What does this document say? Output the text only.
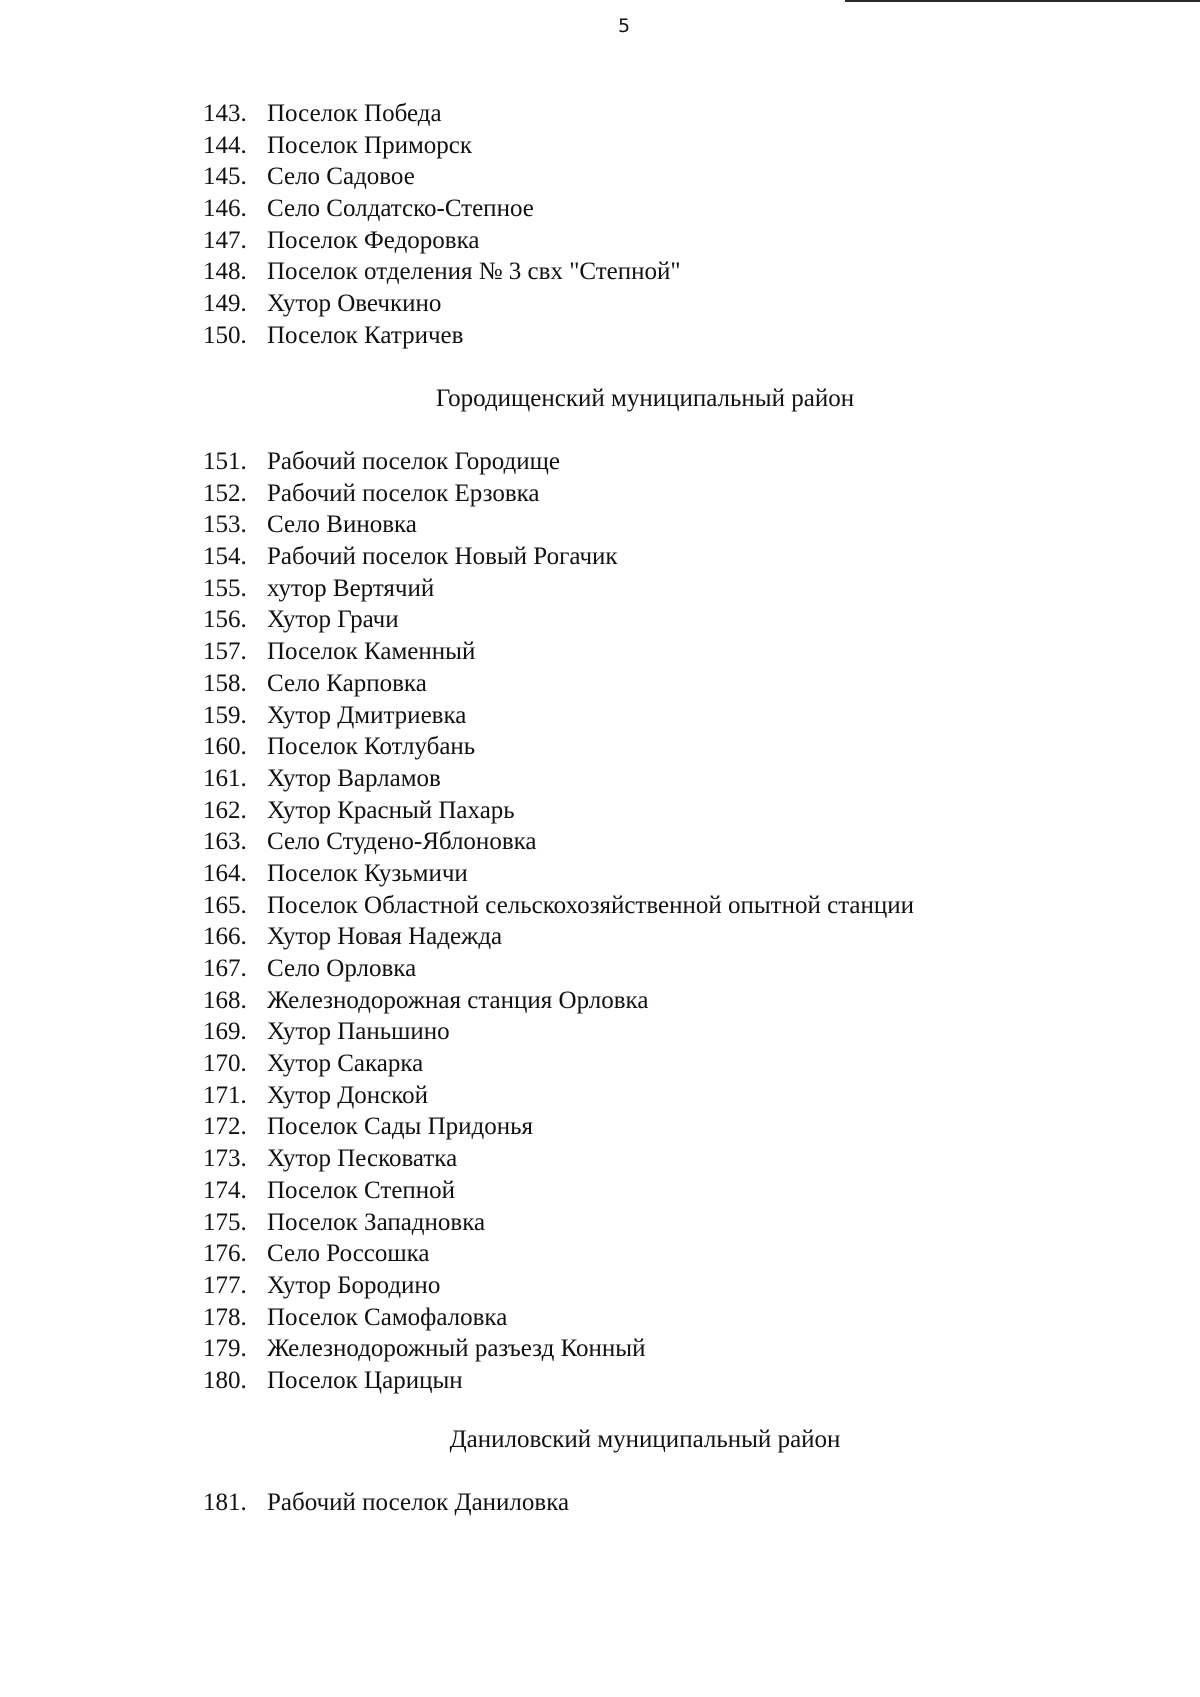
5
143. Поселок Победа
144. Поселок Приморск
145. Село Садовое
146. Село Солдатско-Степное
147. Поселок Федоровка
148. Поселок отделения № 3 свх "Степной"
149. Хутор Овечкино
150. Поселок Катричев
Городищенский муниципальный район
151. Рабочий поселок Городище
152. Рабочий поселок Ерзовка
153. Село Виновка
154. Рабочий поселок Новый Рогачик
155. хутор Вертячий
156. Хутор Грачи
157. Поселок Каменный
158. Село Карповка
159. Хутор Дмитриевка
160. Поселок Котлубань
161. Хутор Варламов
162. Хутор Красный Пахарь
163. Село Студено-Яблоновка
164. Поселок Кузьмичи
165. Поселок Областной сельскохозяйственной опытной станции
166. Хутор Новая Надежда
167. Село Орловка
168. Железнодорожная станция Орловка
169. Хутор Паньшино
170. Хутор Сакарка
171. Хутор Донской
172. Поселок Сады Придонья
173. Хутор Песковатка
174. Поселок Степной
175. Поселок Западновка
176. Село Россошка
177. Хутор Бородино
178. Поселок Самофаловка
179. Железнодорожный разъезд Конный
180. Поселок Царицын
Даниловский муниципальный район
181. Рабочий поселок Даниловка
